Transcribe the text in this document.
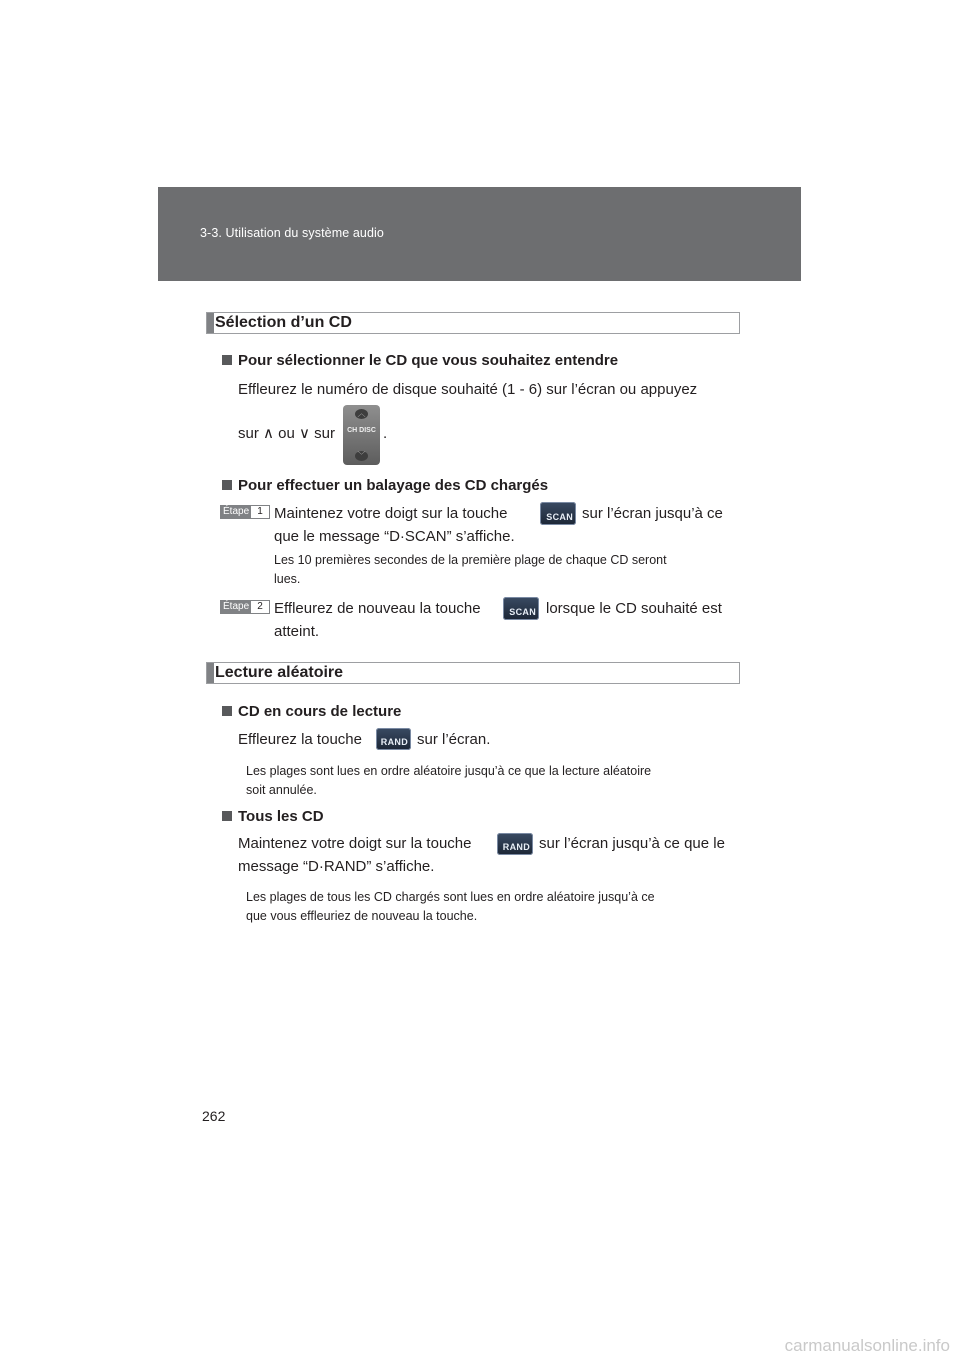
3-3. Utilisation du système audio
Sélection d’un CD
Pour sélectionner le CD que vous souhaitez entendre
Effleurez le numéro de disque souhaité (1 - 6) sur l’écran ou appuyez
sur ∧ ou ∨ sur
︿
CH DISC
﹀
.
Pour effectuer un balayage des CD chargés
Étape 1 Maintenez votre doigt sur la touche	SCAN sur l’écran jusqu’à ce
que le message “D·SCAN” s’affiche.
Les 10 premières secondes de la première plage de chaque CD seront
lues.
Étape 2 Effleurez de nouveau la touche	SCAN lorsque le CD souhaité est
atteint.
Lecture aléatoire
CD en cours de lecture
Effleurez la touche RAND sur l’écran.
Les plages sont lues en ordre aléatoire jusqu’à ce que la lecture aléatoire
soit annulée.
Tous les CD
Maintenez votre doigt sur la touche	RAND sur l’écran jusqu’à ce que le
message “D·RAND” s’affiche.
Les plages de tous les CD chargés sont lues en ordre aléatoire jusqu’à ce
que vous effleuriez de nouveau la touche.
262
carmanualsonline.info
